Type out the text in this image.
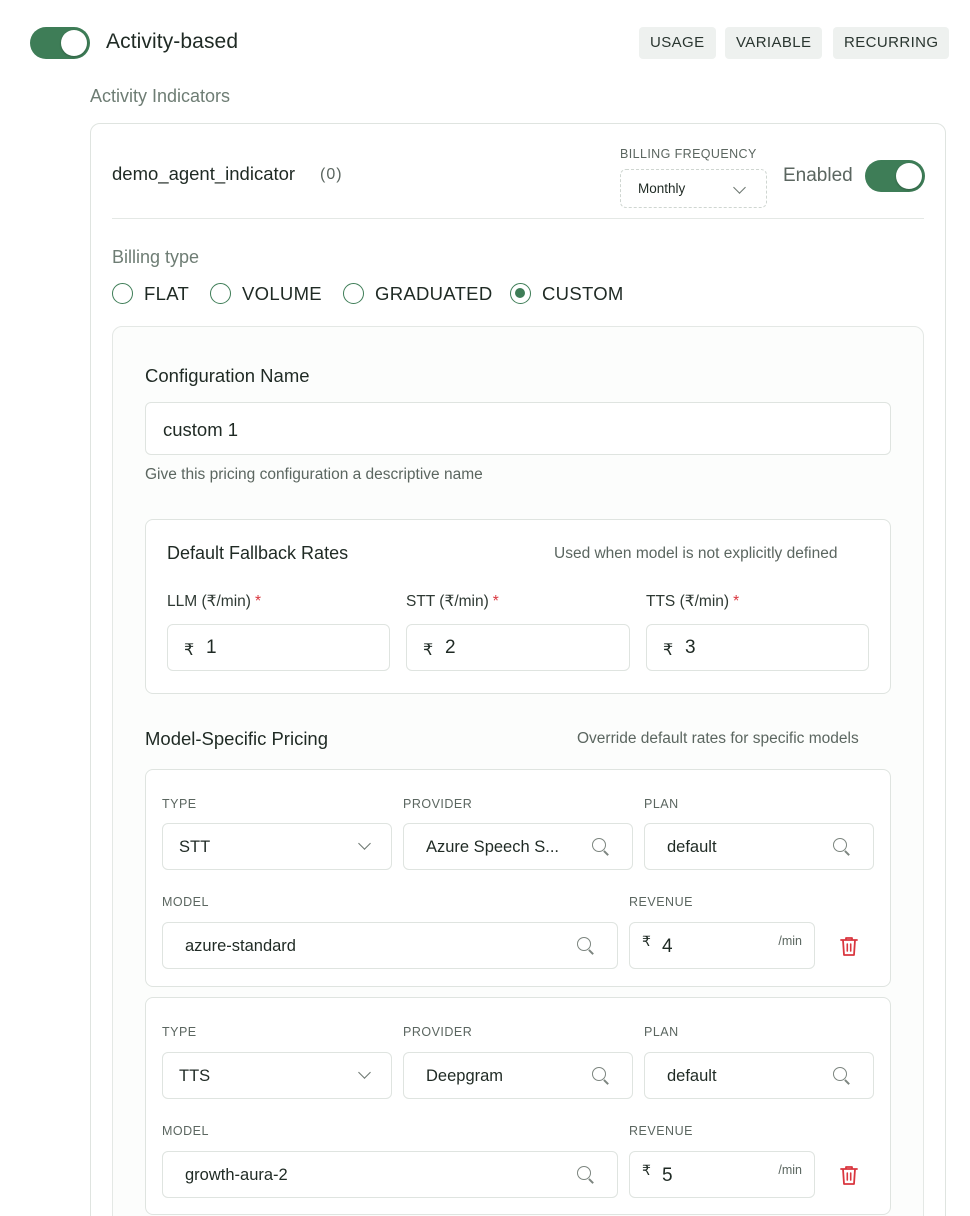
Activity-based	USAGE	VARIABLE	RECURRING
Activity Indicators
demo_agent_indicator (0)
BILLING FREQUENCY
Monthly
Enabled
Billing type
FLAT	VOLUME	GRADUATED	CUSTOM
Configuration Name
custom 1
Give this pricing configuration a descriptive name
Default Fallback Rates	Used when model is not explicitly defined
LLM (₹/min) *	STT (₹/min) *	TTS (₹/min) *
₹ 1	₹ 2	₹ 3
Model-Specific Pricing	Override default rates for specific models
TYPE	PROVIDER	PLAN
STT	Azure Speech S...	default
MODEL	REVENUE
azure-standard	₹ 4	/min
TYPE	PROVIDER	PLAN
TTS	Deepgram	default
MODEL	REVENUE
growth-aura-2	₹ 5	/min
